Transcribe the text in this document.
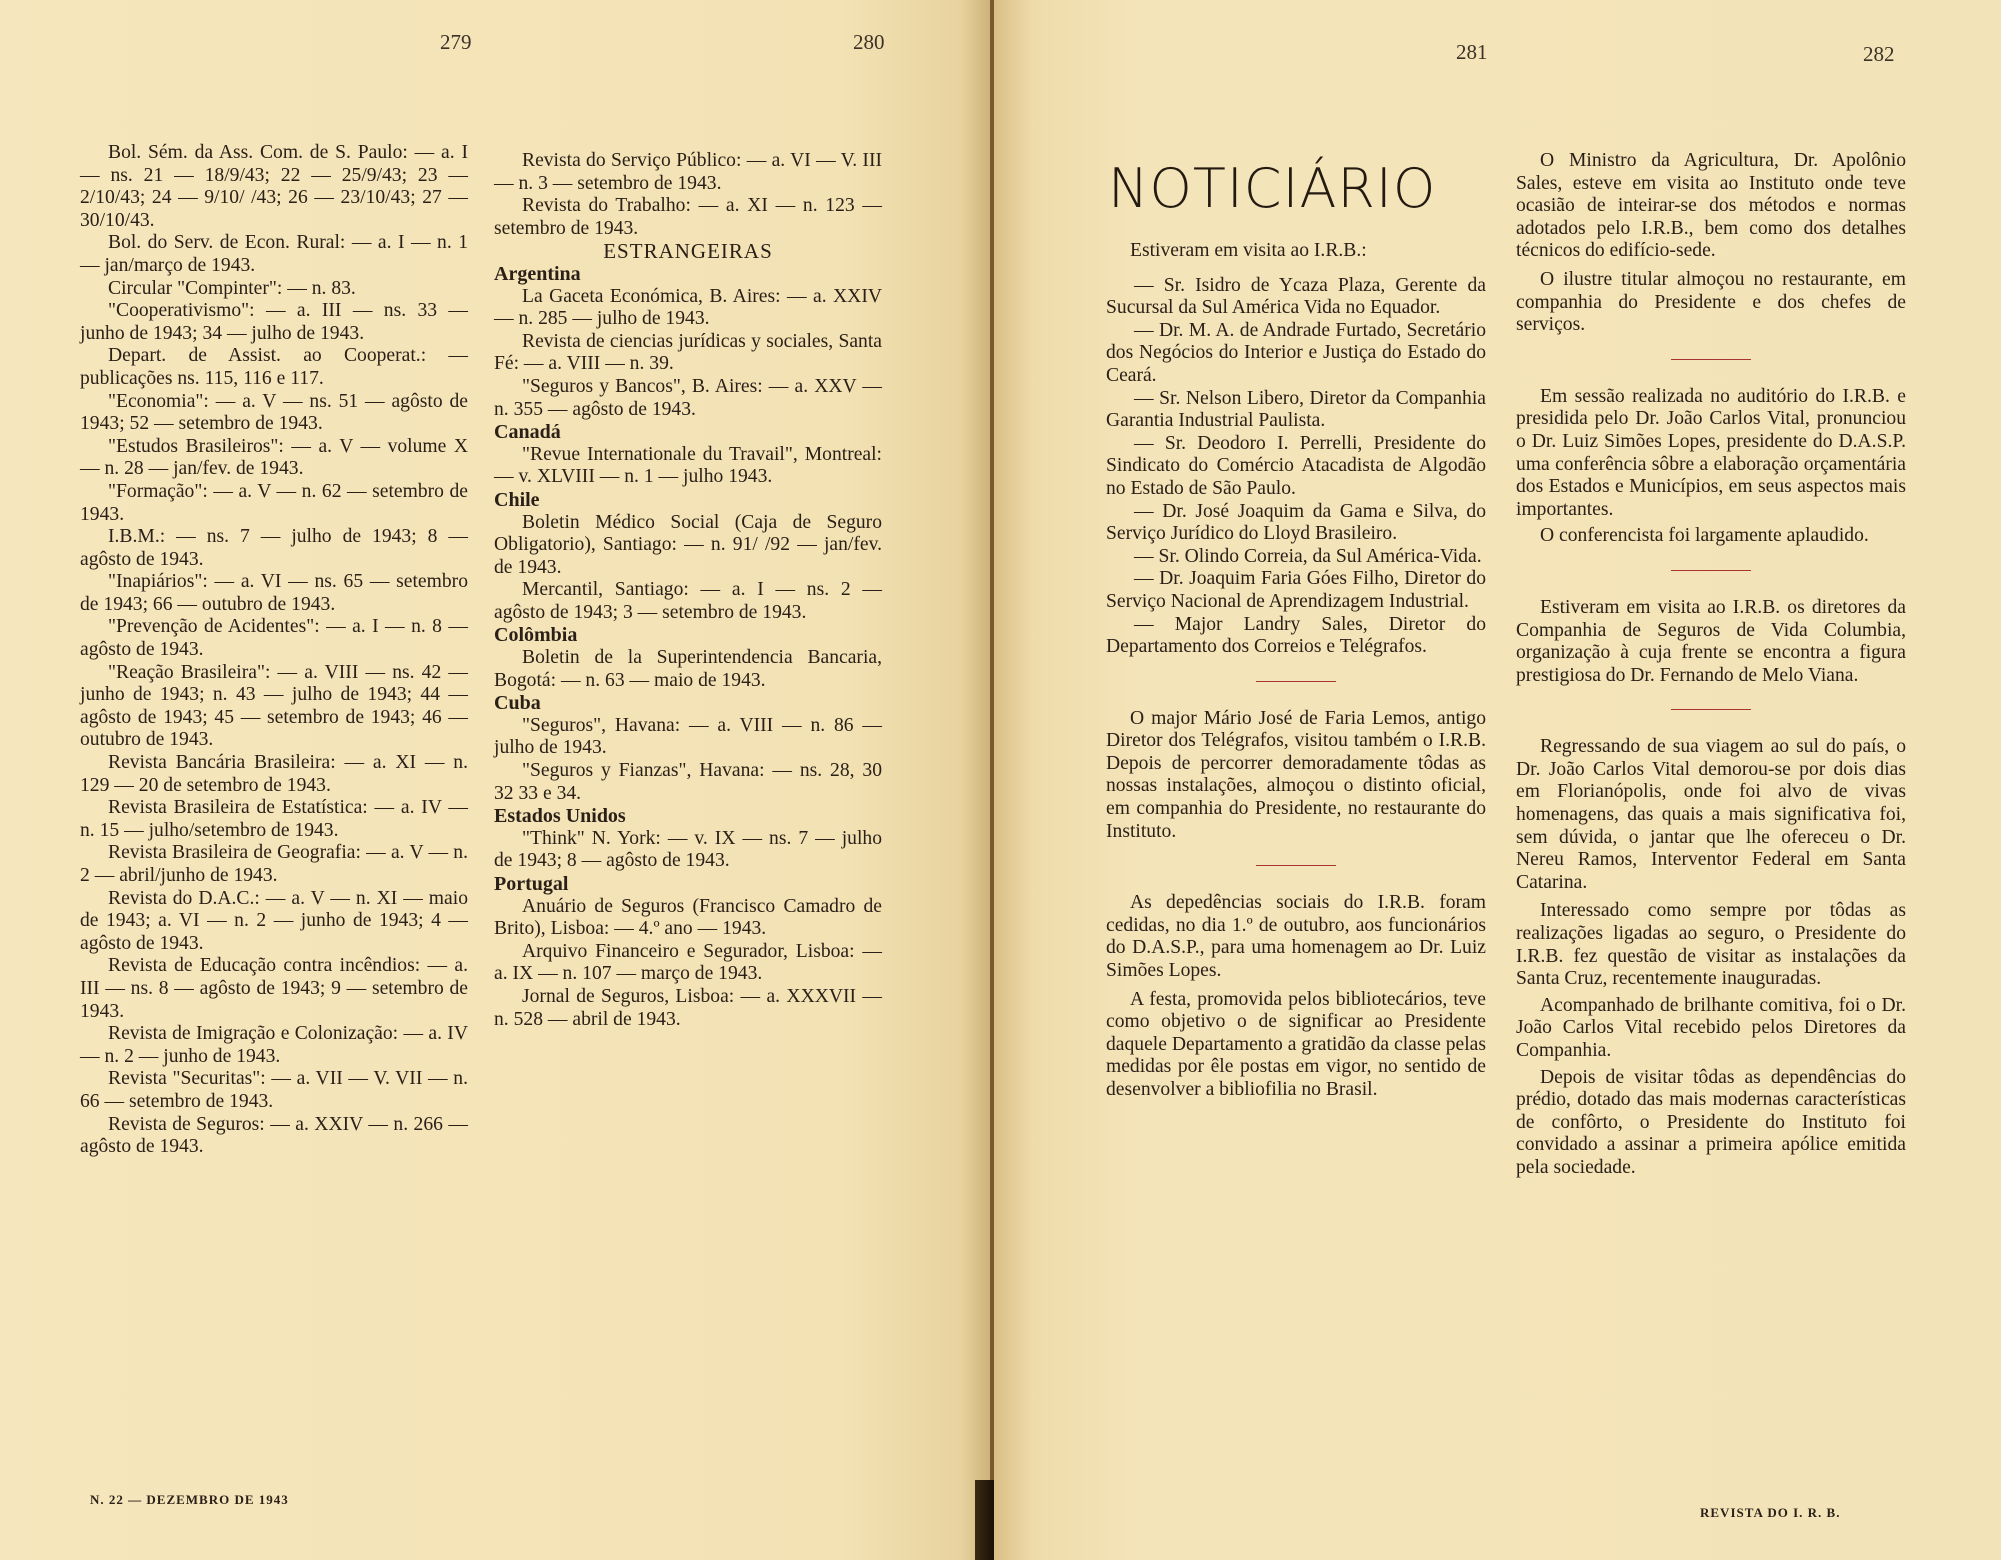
279	280

Bol. Sém. da Ass. Com. de S. Paulo: — a. I — ns. 21 — 18/9/43; 22 — 25/9/43; 23 — 2/10/43; 24 — 9/10/ /43; 26 — 23/10/43; 27 — 30/10/43.

Bol. do Serv. de Econ. Rural: — a. I — n. 1 — jan/março de 1943.

Circular "Compinter": — n. 83.

"Cooperativismo": — a. III — ns. 33 — junho de 1943; 34 — julho de 1943.

Depart. de Assist. ao Cooperat.: — publicações ns. 115, 116 e 117.

"Economia": — a. V — ns. 51 — agôsto de 1943; 52 — setembro de 1943.

"Estudos Brasileiros": — a. V — volume X — n. 28 — jan/fev. de 1943.

"Formação": — a. V — n. 62 — setembro de 1943.

I.B.M.: — ns. 7 — julho de 1943; 8 — agôsto de 1943.

"Inapiários": — a. VI — ns. 65 — setembro de 1943; 66 — outubro de 1943.

"Prevenção de Acidentes": — a. I — n. 8 — agôsto de 1943.

"Reação Brasileira": — a. VIII — ns. 42 — junho de 1943; n. 43 — julho de 1943; 44 — agôsto de 1943; 45 — setembro de 1943; 46 — outubro de 1943.

Revista Bancária Brasileira: — a. XI — n. 129 — 20 de setembro de 1943.

Revista Brasileira de Estatística: — a. IV — n. 15 — julho/setembro de 1943.

Revista Brasileira de Geografia: — a. V — n. 2 — abril/junho de 1943.

Revista do D.A.C.: — a. V — n. XI — maio de 1943; a. VI — n. 2 — junho de 1943; 4 — agôsto de 1943.

Revista de Educação contra incêndios: — a. III — ns. 8 — agôsto de 1943; 9 — setembro de 1943.

Revista de Imigração e Colonização: — a. IV — n. 2 — junho de 1943.

Revista "Securitas": — a. VII — V. VII — n. 66 — setembro de 1943.

Revista de Seguros: — a. XXIV — n. 266 — agôsto de 1943.

Revista do Serviço Público: — a. VI — V. III — n. 3 — setembro de 1943.

Revista do Trabalho: — a. XI — n. 123 — setembro de 1943.

ESTRANGEIRAS

Argentina

La Gaceta Económica, B. Aires: — a. XXIV — n. 285 — julho de 1943.

Revista de ciencias jurídicas y sociales, Santa Fé: — a. VIII — n. 39.

"Seguros y Bancos", B. Aires: — a. XXV — n. 355 — agôsto de 1943.

Canadá

"Revue Internationale du Travail", Montreal: — v. XLVIII — n. 1 — julho 1943.

Chile

Boletin Médico Social (Caja de Seguro Obligatorio), Santiago: — n. 91/ /92 — jan/fev. de 1943.

Mercantil, Santiago: — a. I — ns. 2 — agôsto de 1943; 3 — setembro de 1943.

Colômbia

Boletin de la Superintendencia Bancaria, Bogotá: — n. 63 — maio de 1943.

Cuba

"Seguros", Havana: — a. VIII — n. 86 — julho de 1943.

"Seguros y Fianzas", Havana: — ns. 28, 30 32 33 e 34.

Estados Unidos

"Think" N. York: — v. IX — ns. 7 — julho de 1943; 8 — agôsto de 1943.

Portugal

Anuário de Seguros (Francisco Camadro de Brito), Lisboa: — 4.º ano — 1943.

Arquivo Financeiro e Segurador, Lisboa: — a. IX — n. 107 — março de 1943.

Jornal de Seguros, Lisboa: — a. XXXVII — n. 528 — abril de 1943.

N. 22 — DEZEMBRO DE 1943
281	282
NOTICIÁRIO

Estiveram em visita ao I.R.B.:

— Sr. Isidro de Ycaza Plaza, Gerente da Sucursal da Sul América Vida no Equador.

— Dr. M. A. de Andrade Furtado, Secretário dos Negócios do Interior e Justiça do Estado do Ceará.

— Sr. Nelson Libero, Diretor da Companhia Garantia Industrial Paulista.

— Sr. Deodoro I. Perrelli, Presidente do Sindicato do Comércio Atacadista de Algodão no Estado de São Paulo.

— Dr. José Joaquim da Gama e Silva, do Serviço Jurídico do Lloyd Brasileiro.

— Sr. Olindo Correia, da Sul América-Vida.

— Dr. Joaquim Faria Góes Filho, Diretor do Serviço Nacional de Aprendizagem Industrial.

— Major Landry Sales, Diretor do Departamento dos Correios e Telégrafos.

O major Mário José de Faria Lemos, antigo Diretor dos Telégrafos, visitou também o I.R.B. Depois de percorrer demoradamente tôdas as nossas instalações, almoçou o distinto oficial, em companhia do Presidente, no restaurante do Instituto.

As depedências sociais do I.R.B. foram cedidas, no dia 1.º de outubro, aos funcionários do D.A.S.P., para uma homenagem ao Dr. Luiz Simões Lopes.

A festa, promovida pelos bibliotecários, teve como objetivo o de significar ao Presidente daquele Departamento a gratidão da classe pelas medidas por êle postas em vigor, no sentido de desenvolver a bibliofilia no Brasil.

O Ministro da Agricultura, Dr. Apolônio Sales, esteve em visita ao Instituto onde teve ocasião de inteirar-se dos métodos e normas adotados pelo I.R.B., bem como dos detalhes técnicos do edifício-sede.

O ilustre titular almoçou no restaurante, em companhia do Presidente e dos chefes de serviços.

Em sessão realizada no auditório do I.R.B. e presidida pelo Dr. João Carlos Vital, pronunciou o Dr. Luiz Simões Lopes, presidente do D.A.S.P. uma conferência sôbre a elaboração orçamentária dos Estados e Municípios, em seus aspectos mais importantes.

O conferencista foi largamente aplaudido.

Estiveram em visita ao I.R.B. os diretores da Companhia de Seguros de Vida Columbia, organização à cuja frente se encontra a figura prestigiosa do Dr. Fernando de Melo Viana.

Regressando de sua viagem ao sul do país, o Dr. João Carlos Vital demorou-se por dois dias em Florianópolis, onde foi alvo de vivas homenagens, das quais a mais significativa foi, sem dúvida, o jantar que lhe ofereceu o Dr. Nereu Ramos, Interventor Federal em Santa Catarina.

Interessado como sempre por tôdas as realizações ligadas ao seguro, o Presidente do I.R.B. fez questão de visitar as instalações da Santa Cruz, recentemente inauguradas.

Acompanhado de brilhante comitiva, foi o Dr. João Carlos Vital recebido pelos Diretores da Companhia.

Depois de visitar tôdas as dependências do prédio, dotado das mais modernas características de confôrto, o Presidente do Instituto foi convidado a assinar a primeira apólice emitida pela sociedade.

REVISTA DO I. R. B.
